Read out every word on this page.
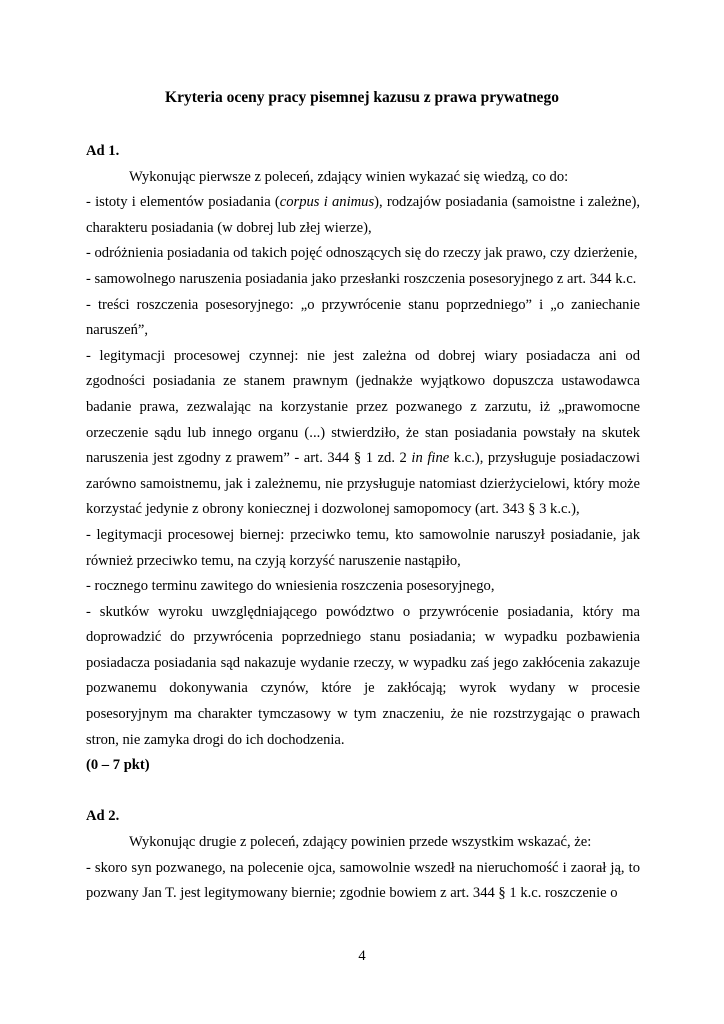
Kryteria oceny pracy pisemnej kazusu z prawa prywatnego

Ad 1.

Wykonując pierwsze z poleceń, zdający winien wykazać się wiedzą, co do:

- istoty i elementów posiadania (corpus i animus), rodzajów posiadania (samoistne i zależne), charakteru posiadania (w dobrej lub złej wierze),

- odróżnienia posiadania od takich pojęć odnoszących się do rzeczy jak prawo, czy dzierżenie,

- samowolnego naruszenia posiadania jako przesłanki roszczenia posesoryjnego z art. 344 k.c.

- treści roszczenia posesoryjnego: „o przywrócenie stanu poprzedniego” i „o zaniechanie naruszeń”,

- legitymacji procesowej czynnej: nie jest zależna od dobrej wiary posiadacza ani od zgodności posiadania ze stanem prawnym (jednakże wyjątkowo dopuszcza ustawodawca badanie prawa, zezwalając na korzystanie przez pozwanego z zarzutu, iż „prawomocne orzeczenie sądu lub innego organu (...) stwierdziło, że stan posiadania powstały na skutek naruszenia jest zgodny z prawem” - art. 344 § 1 zd. 2 in fine k.c.), przysługuje posiadaczowi zarówno samoistnemu, jak i zależnemu, nie przysługuje natomiast dzierżycielowi, który może korzystać jedynie z obrony koniecznej i dozwolonej samopomocy (art. 343 § 3 k.c.),

- legitymacji procesowej biernej: przeciwko temu, kto samowolnie naruszył posiadanie, jak również przeciwko temu, na czyją korzyść naruszenie nastąpiło,

- rocznego terminu zawitego do wniesienia roszczenia posesoryjnego,

- skutków wyroku uwzględniającego powództwo o przywrócenie posiadania, który ma doprowadzić do przywrócenia poprzedniego stanu posiadania; w wypadku pozbawienia posiadacza posiadania sąd nakazuje wydanie rzeczy, w wypadku zaś jego zakłócenia zakazuje pozwanemu dokonywania czynów, które je zakłócają; wyrok wydany w procesie posesoryjnym ma charakter tymczasowy w tym znaczeniu, że nie rozstrzygając o prawach stron, nie zamyka drogi do ich dochodzenia.

(0 – 7 pkt)

Ad 2.

Wykonując drugie z poleceń, zdający powinien przede wszystkim wskazać, że:

- skoro syn pozwanego, na polecenie ojca, samowolnie wszedł na nieruchomość i zaorał ją, to pozwany Jan T. jest legitymowany biernie; zgodnie bowiem z art. 344 § 1 k.c. roszczenie o

4
